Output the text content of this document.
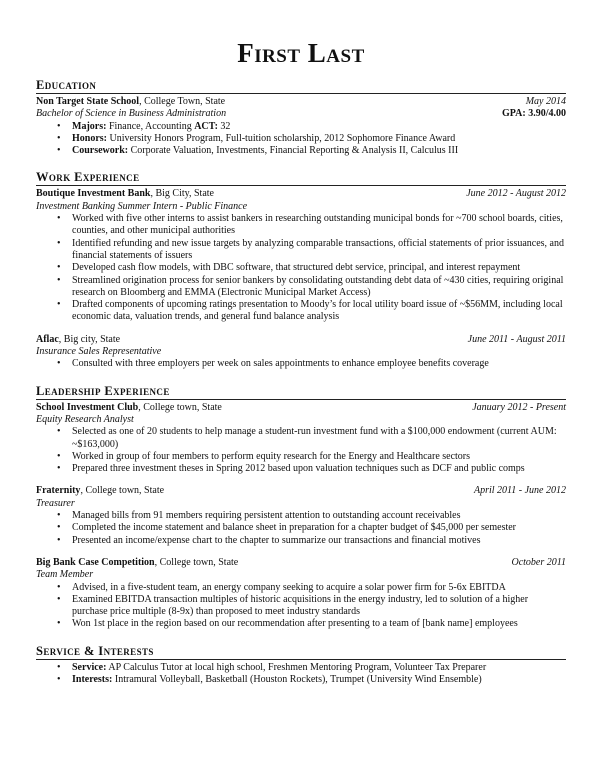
First Last
Education
Non Target State School, College Town, State	May 2014
Bachelor of Science in Business Administration	GPA: 3.90/4.00
• Majors: Finance, Accounting ACT: 32
• Honors: University Honors Program, Full-tuition scholarship, 2012 Sophomore Finance Award
• Coursework: Corporate Valuation, Investments, Financial Reporting & Analysis II, Calculus III
Work Experience
Boutique Investment Bank, Big City, State	June 2012 - August 2012
Investment Banking Summer Intern - Public Finance
• Worked with five other interns to assist bankers in researching outstanding municipal bonds for ~700 school boards, cities, counties, and other municipal authorities
• Identified refunding and new issue targets by analyzing comparable transactions, official statements of prior issuances, and financial statements of issuers
• Developed cash flow models, with DBC software, that structured debt service, principal, and interest repayment
• Streamlined origination process for senior bankers by consolidating outstanding debt data of ~430 cities, requiring original research on Bloomberg and EMMA (Electronic Municipal Market Access)
• Drafted components of upcoming ratings presentation to Moody’s for local utility board issue of ~$56MM, including local economic data, valuation trends, and general fund balance analysis
Aflac, Big city, State	June 2011 - August 2011
Insurance Sales Representative
• Consulted with three employers per week on sales appointments to enhance employee benefits coverage
Leadership Experience
School Investment Club, College town, State	January 2012 - Present
Equity Research Analyst
• Selected as one of 20 students to help manage a student-run investment fund with a $100,000 endowment (current AUM: ~$163,000)
• Worked in group of four members to perform equity research for the Energy and Healthcare sectors
• Prepared three investment theses in Spring 2012 based upon valuation techniques such as DCF and public comps
Fraternity, College town, State	April 2011 - June 2012
Treasurer
• Managed bills from 91 members requiring persistent attention to outstanding account receivables
• Completed the income statement and balance sheet in preparation for a chapter budget of $45,000 per semester
• Presented an income/expense chart to the chapter to summarize our transactions and financial motives
Big Bank Case Competition, College town, State	October 2011
Team Member
• Advised, in a five-student team, an energy company seeking to acquire a solar power firm for 5-6x EBITDA
• Examined EBITDA transaction multiples of historic acquisitions in the energy industry, led to solution of a higher purchase price multiple (8-9x) than proposed to meet industry standards
• Won 1st place in the region based on our recommendation after presenting to a team of [bank name] employees
Service & Interests
• Service: AP Calculus Tutor at local high school, Freshmen Mentoring Program, Volunteer Tax Preparer
• Interests: Intramural Volleyball, Basketball (Houston Rockets), Trumpet (University Wind Ensemble)
